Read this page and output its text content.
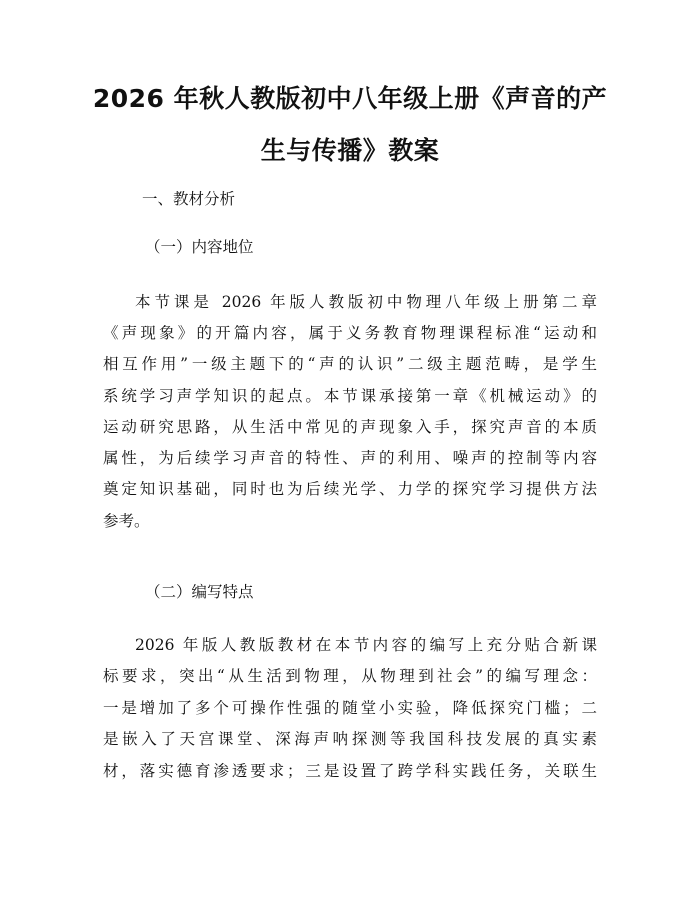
2026 年秋人教版初中八年级上册《声音的产
生与传播》教案
一、教材分析
（一）内容地位
本节课是 2026 年版人教版初中物理八年级上册第二章
《声现象》的开篇内容，属于义务教育物理课程标准“运动和
相互作用”一级主题下的“声的认识”二级主题范畴，是学生
系统学习声学知识的起点。本节课承接第一章《机械运动》的
运动研究思路，从生活中常见的声现象入手，探究声音的本质
属性，为后续学习声音的特性、声的利用、噪声的控制等内容
奠定知识基础，同时也为后续光学、力学的探究学习提供方法
参考。
（二）编写特点
2026 年版人教版教材在本节内容的编写上充分贴合新课
标要求，突出“从生活到物理，从物理到社会”的编写理念：
一是增加了多个可操作性强的随堂小实验，降低探究门槛；二
是嵌入了天宫课堂、深海声呐探测等我国科技发展的真实素
材，落实德育渗透要求；三是设置了跨学科实践任务，关联生
